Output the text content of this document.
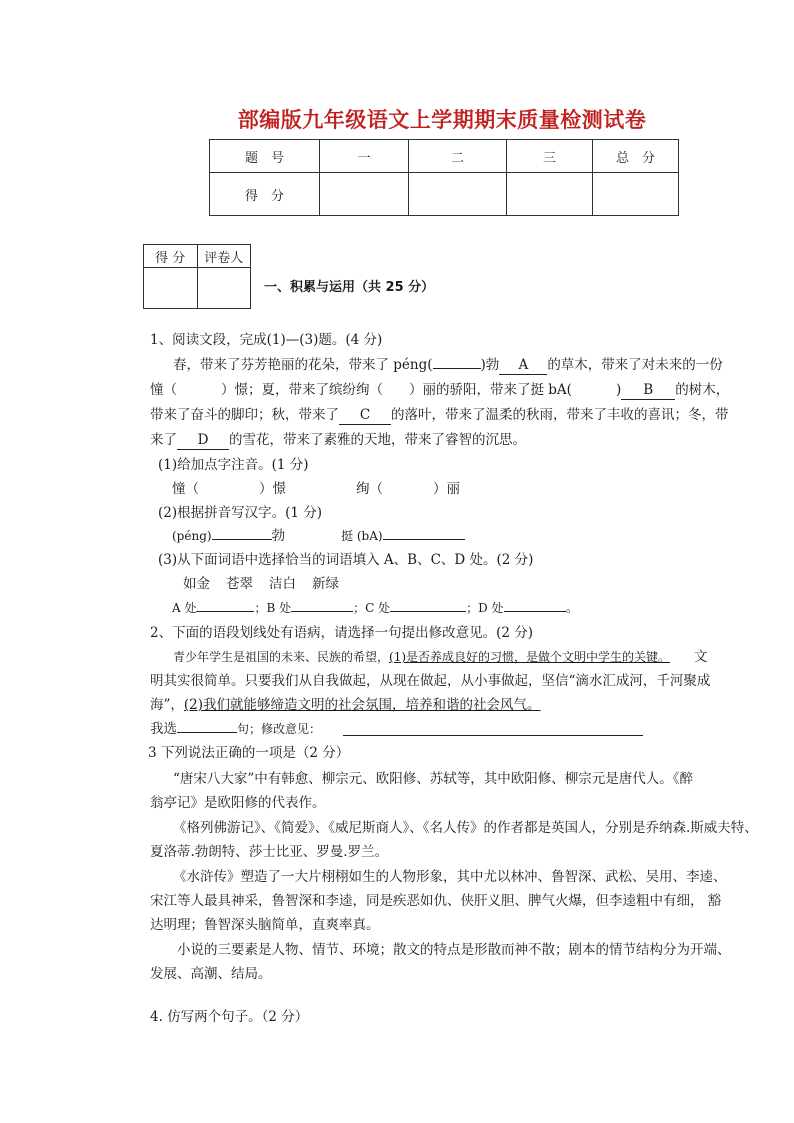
部编版九年级语文上学期期末质量检测试卷
题　号	一	二	三	总　分
得　分				
得 分	评卷人

一、积累与运用（共 25 分）
1、阅读文段，完成(1)—(3)题。(4 分)
春，带来了芬芳艳丽的花朵，带来了 péng(	)勃 A 的草木，带来了对未来的一份
憧（	）憬；夏，带来了缤纷绚（ ）丽的骄阳，带来了挺 bA(	) B 的树木，
带来了奋斗的脚印；秋，带来了 C 的落叶，带来了温柔的秋雨，带来了丰收的喜讯；冬，带
来了 D 的雪花，带来了素雅的天地，带来了睿智的沉思。
(1)给加点字注音。(1 分)
憧（	）憬	绚（	）丽
(2)根据拼音写汉字。(1 分)
(péng)	勃	挺 (bA)
(3)从下面词语中选择恰当的词语填入 A、B、C、D 处。(2 分)
如金 苍翠 洁白 新绿
A 处	；B 处	；C 处	；D 处	。
2、下面的语段划线处有语病，请选择一句提出修改意见。(2 分)
青少年学生是祖国的未来、民族的希望，(1)是否养成良好的习惯，是做个文明中学生的关键。 文
明其实很简单。只要我们从自我做起，从现在做起，从小事做起，坚信“滴水汇成河，千河聚成
海”，(2)我们就能够缔造文明的社会氛围，培养和谐的社会风气。
我选	句；修改意见：
3 下列说法正确的一项是（2 分）
“唐宋八大家”中有韩愈、柳宗元、欧阳修、苏轼等，其中欧阳修、柳宗元是唐代人。《醉
翁亭记》是欧阳修的代表作。
《格列佛游记》、《简爱》、《威尼斯商人》、《名人传》的作者都是英国人，分别是乔纳森.斯威夫特、
夏洛蒂.勃朗特、莎士比亚、罗曼.罗兰。
《水浒传》塑造了一大片栩栩如生的人物形象，其中尤以林冲、鲁智深、武松、吴用、李逵、
宋江等人最具神采，鲁智深和李逵，同是疾恶如仇、侠肝义胆、脾气火爆，但李逵粗中有细， 豁
达明理；鲁智深头脑简单，直爽率真。
小说的三要素是人物、情节、环境；散文的特点是形散而神不散；剧本的情节结构分为开端、
发展、高潮、结局。
4. 仿写两个句子。（2 分）
